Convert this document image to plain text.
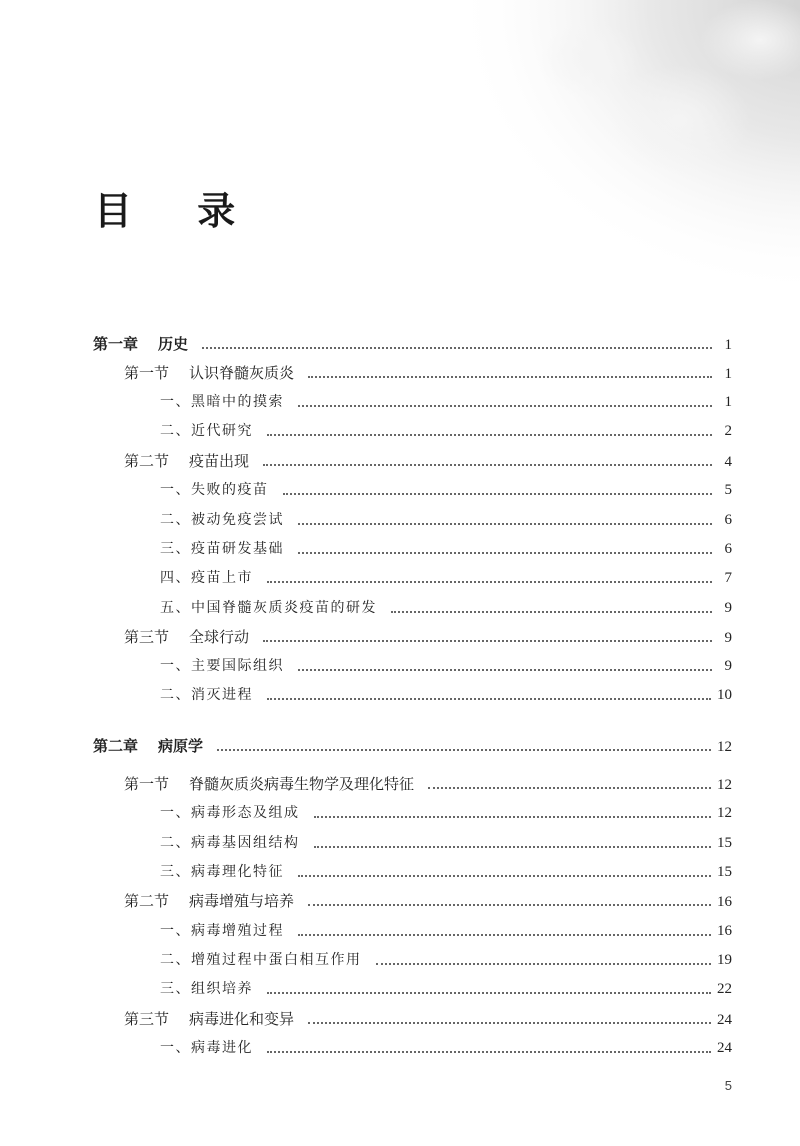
目 录
第一章 历史	1
第一节 认识脊髓灰质炎	1
一、 黑暗中的摸索	1
二、 近代研究	2
第二节 疫苗出现	4
一、 失败的疫苗	5
二、 被动免疫尝试	6
三、 疫苗研发基础	6
四、 疫苗上市	7
五、 中国脊髓灰质炎疫苗的研发	9
第三节 全球行动	9
一、 主要国际组织	9
二、 消灭进程	10
第二章 病原学	12
第一节 脊髓灰质炎病毒生物学及理化特征	12
一、 病毒形态及组成	12
二、 病毒基因组结构	15
三、 病毒理化特征	15
第二节 病毒增殖与培养	16
一、 病毒增殖过程	16
二、 增殖过程中蛋白相互作用	19
三、 组织培养	22
第三节 病毒进化和变异	24
一、 病毒进化	24
5
